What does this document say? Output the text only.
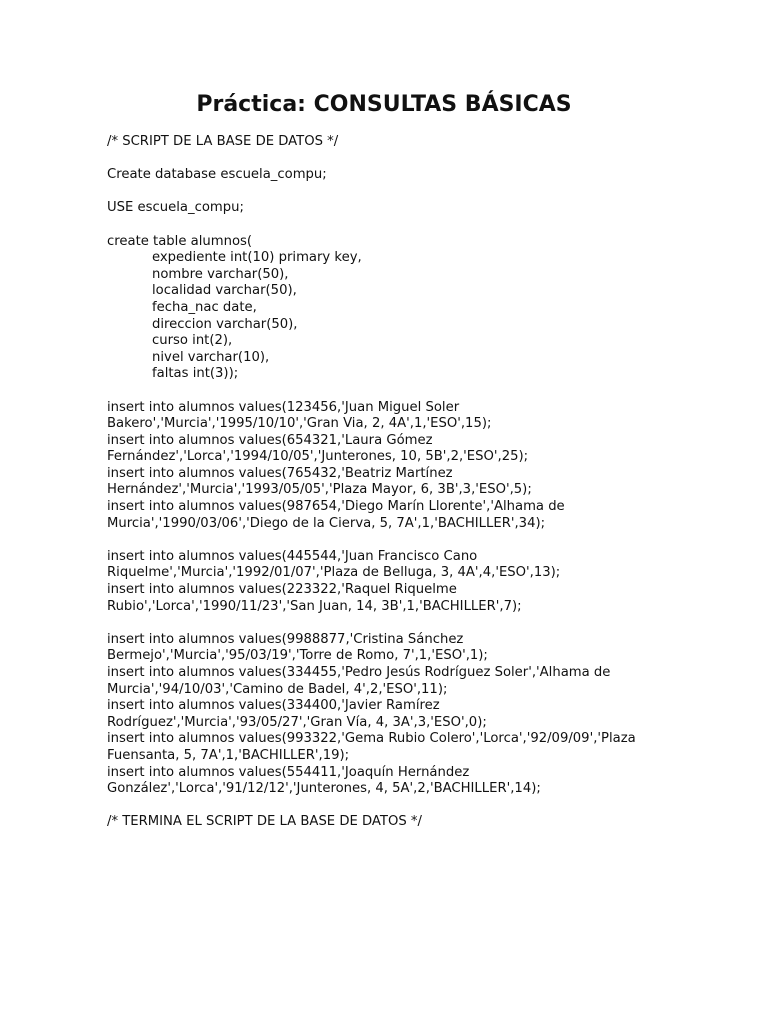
Práctica: CONSULTAS BÁSICAS
/* SCRIPT DE LA BASE DE DATOS */
Create database escuela_compu;
USE escuela_compu;
create table alumnos(
expediente int(10) primary key,
nombre varchar(50),
localidad varchar(50),
fecha_nac date,
direccion varchar(50),
curso int(2),
nivel varchar(10),
faltas int(3));
insert into alumnos values(123456,'Juan Miguel Soler
Bakero','Murcia','1995/10/10','Gran Via, 2, 4A',1,'ESO',15);
insert into alumnos values(654321,'Laura Gómez
Fernández','Lorca','1994/10/05','Junterones, 10, 5B',2,'ESO',25);
insert into alumnos values(765432,'Beatriz Martínez
Hernández','Murcia','1993/05/05','Plaza Mayor, 6, 3B',3,'ESO',5);
insert into alumnos values(987654,'Diego Marín Llorente','Alhama de
Murcia','1990/03/06','Diego de la Cierva, 5, 7A',1,'BACHILLER',34);
insert into alumnos values(445544,'Juan Francisco Cano
Riquelme','Murcia','1992/01/07','Plaza de Belluga, 3, 4A',4,'ESO',13);
insert into alumnos values(223322,'Raquel Riquelme
Rubio','Lorca','1990/11/23','San Juan, 14, 3B',1,'BACHILLER',7);
insert into alumnos values(9988877,'Cristina Sánchez
Bermejo','Murcia','95/03/19','Torre de Romo, 7',1,'ESO',1);
insert into alumnos values(334455,'Pedro Jesús Rodríguez Soler','Alhama de
Murcia','94/10/03','Camino de Badel, 4',2,'ESO',11);
insert into alumnos values(334400,'Javier Ramírez
Rodríguez','Murcia','93/05/27','Gran Vía, 4, 3A',3,'ESO',0);
insert into alumnos values(993322,'Gema Rubio Colero','Lorca','92/09/09','Plaza
Fuensanta, 5, 7A',1,'BACHILLER',19);
insert into alumnos values(554411,'Joaquín Hernández
González','Lorca','91/12/12','Junterones, 4, 5A',2,'BACHILLER',14);
/* TERMINA EL SCRIPT DE LA BASE DE DATOS */
